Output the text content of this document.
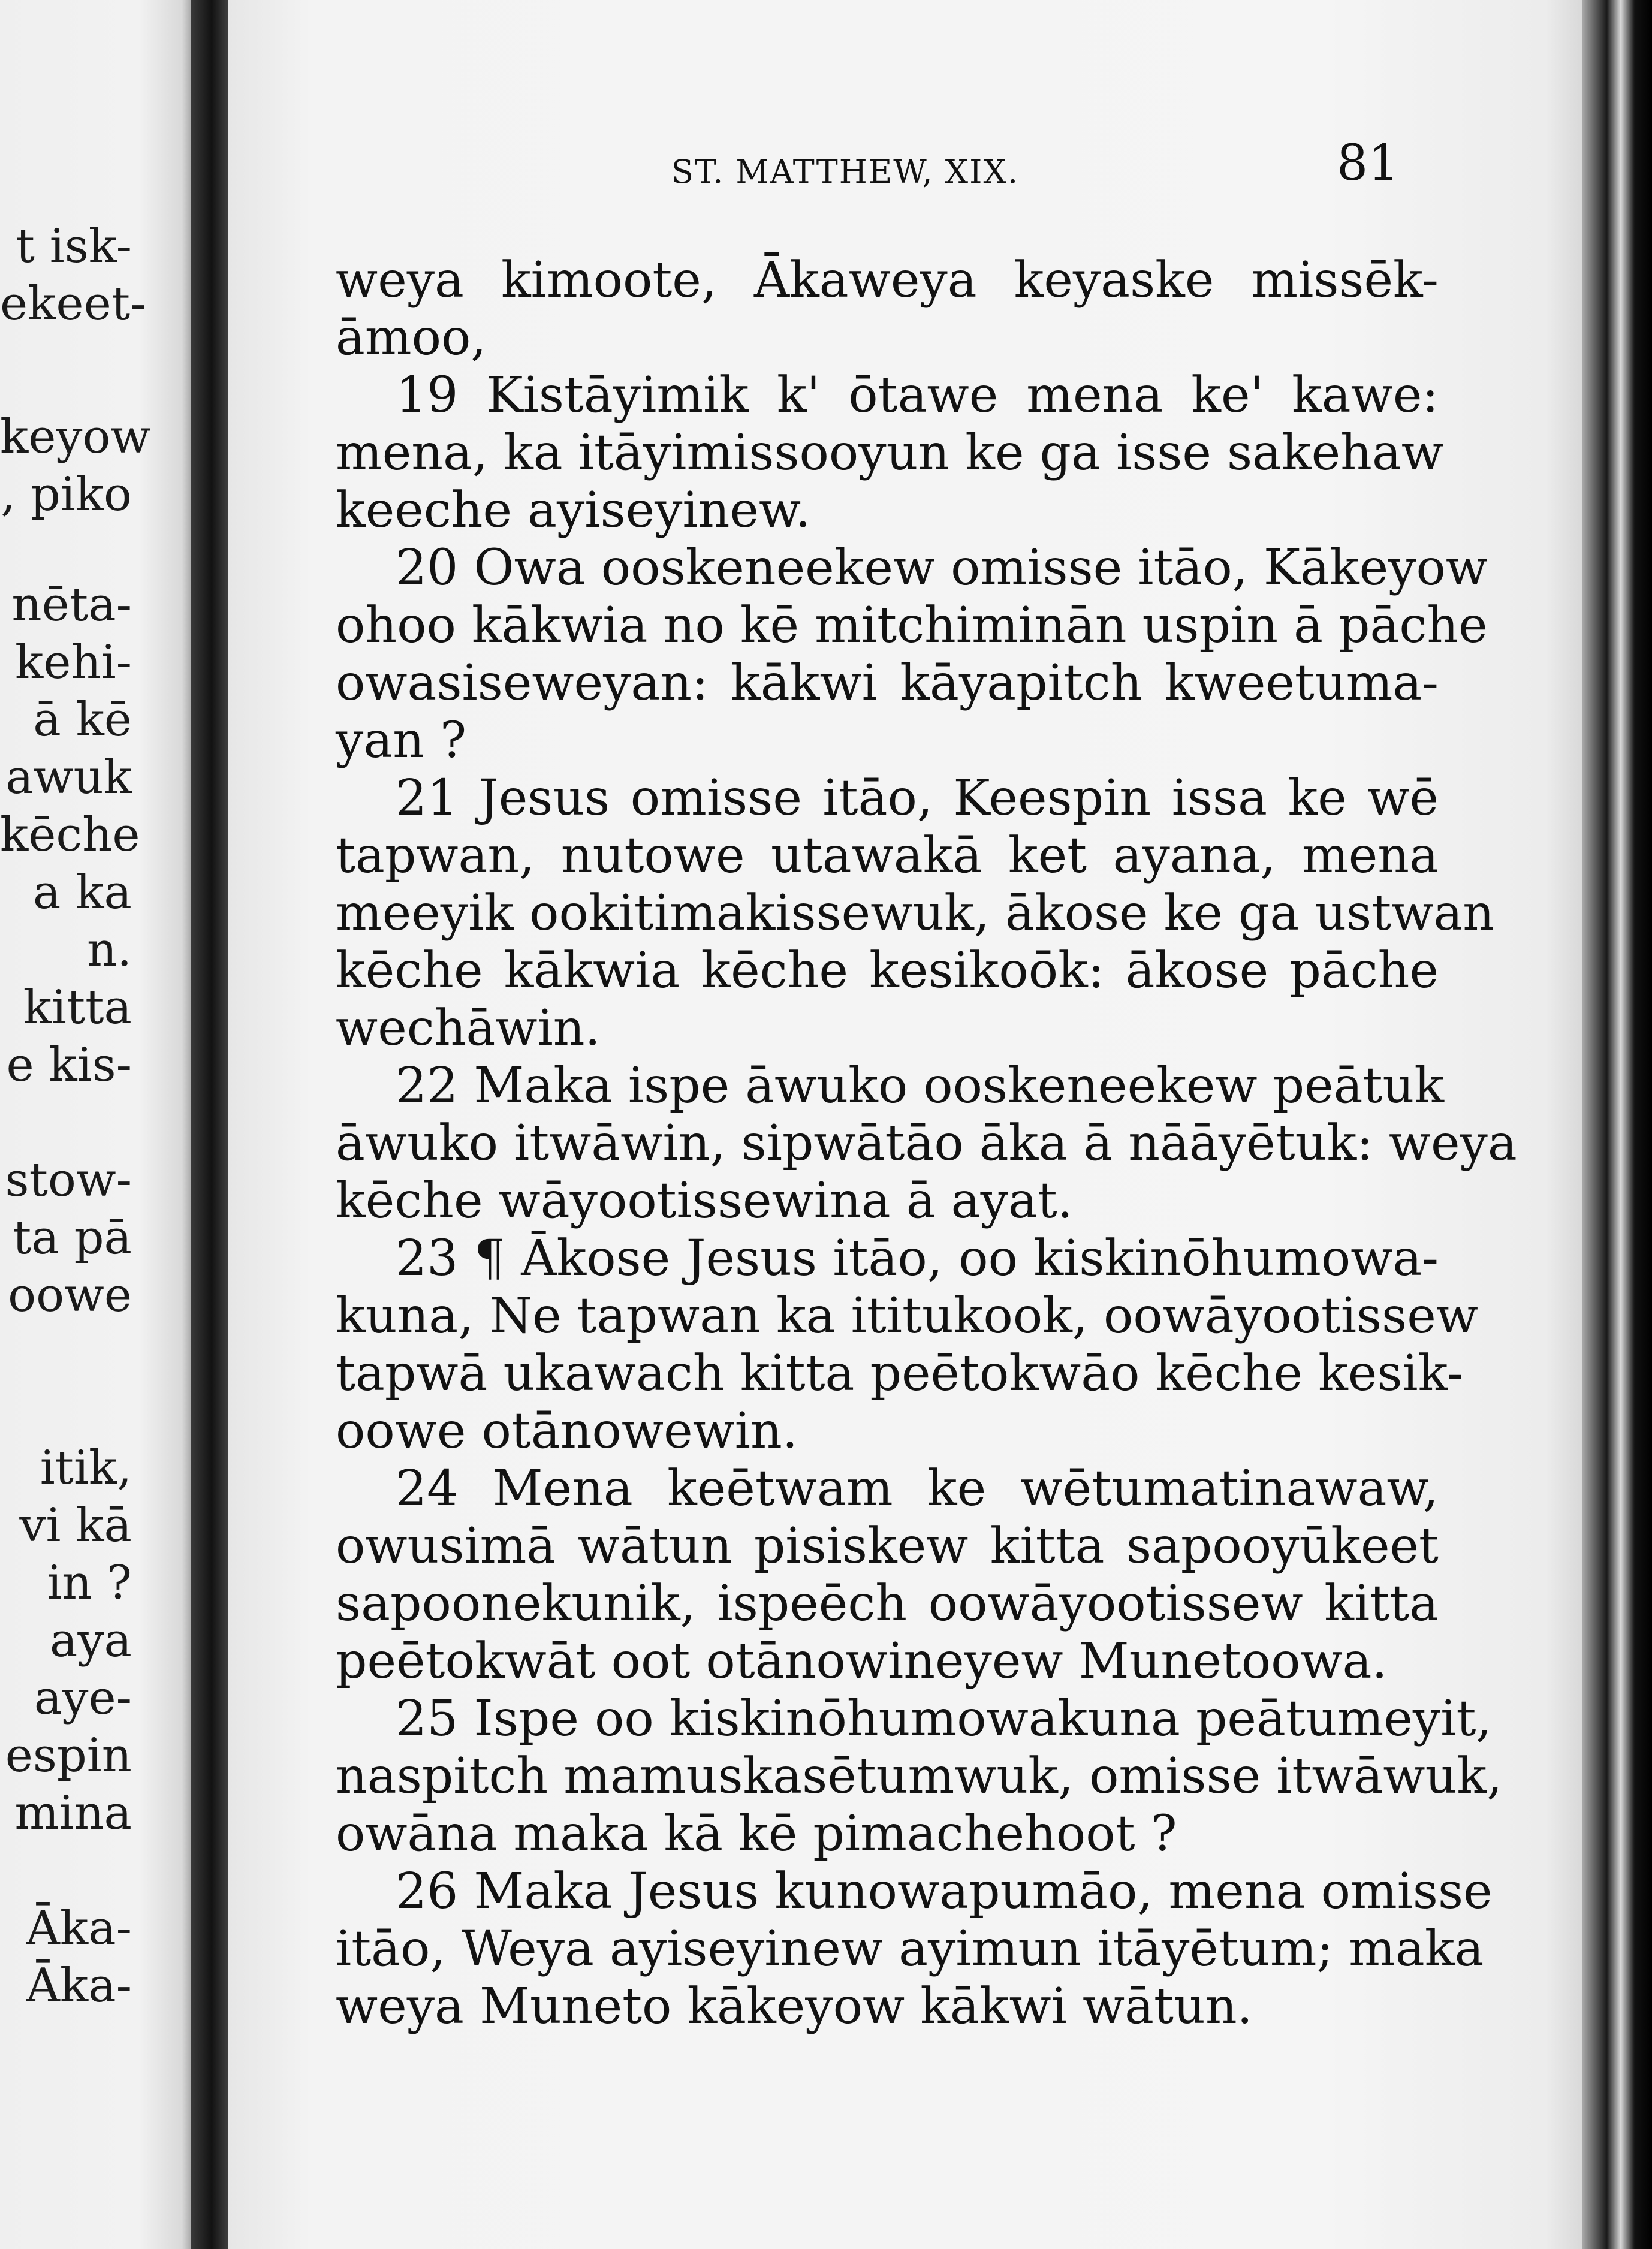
t isk-
ekeet-
keyow
, piko
nēta-
kehi-
ā kē
awuk
kēche
a ka
n.
kitta
e kis-
stow-
ta pā
oowe
itik,
vi kā
in ?
aya
aye-
espin
mina
Āka-
Āka-
ST. MATTHEW, XIX.	81
weya kimoote, Ākaweya keyaske missēk-
āmoo,
19 Kistāyimik k' ōtawe mena ke' kawe:
mena, ka itāyimissooyun ke ga isse sakehaw
keeche ayiseyinew.
20 Owa ooskeneekew omisse itāo, Kākeyow
ohoo kākwia no kē mitchiminān uspin ā pāche
owasiseweyan: kākwi kāyapitch kweetuma-
yan ?
21 Jesus omisse itāo, Keespin issa ke wē
tapwan, nutowe utawakā ket ayana, mena
meeyik ookitimakissewuk, ākose ke ga ustwan
kēche kākwia kēche kesikoōk: ākose pāche
wechāwin.
22 Maka ispe āwuko ooskeneekew peātuk
āwuko itwāwin, sipwātāo āka ā nāāyētuk: weya
kēche wāyootissewina ā ayat.
23 ¶ Ākose Jesus itāo, oo kiskinōhumowa-
kuna, Ne tapwan ka ititukook, oowāyootissew
tapwā ukawach kitta peētokwāo kēche kesik-
oowe otānowewin.
24 Mena keētwam ke wētumatinawaw,
owusimā wātun pisiskew kitta sapooyūkeet
sapoonekunik, ispeēch oowāyootissew kitta
peētokwāt oot otānowineyew Munetoowa.
25 Ispe oo kiskinōhumowakuna peātumeyit,
naspitch mamuskasētumwuk, omisse itwāwuk,
owāna maka kā kē pimachehoot ?
26 Maka Jesus kunowapumāo, mena omisse
itāo, Weya ayiseyinew ayimun itāyētum; maka
weya Muneto kākeyow kākwi wātun.
